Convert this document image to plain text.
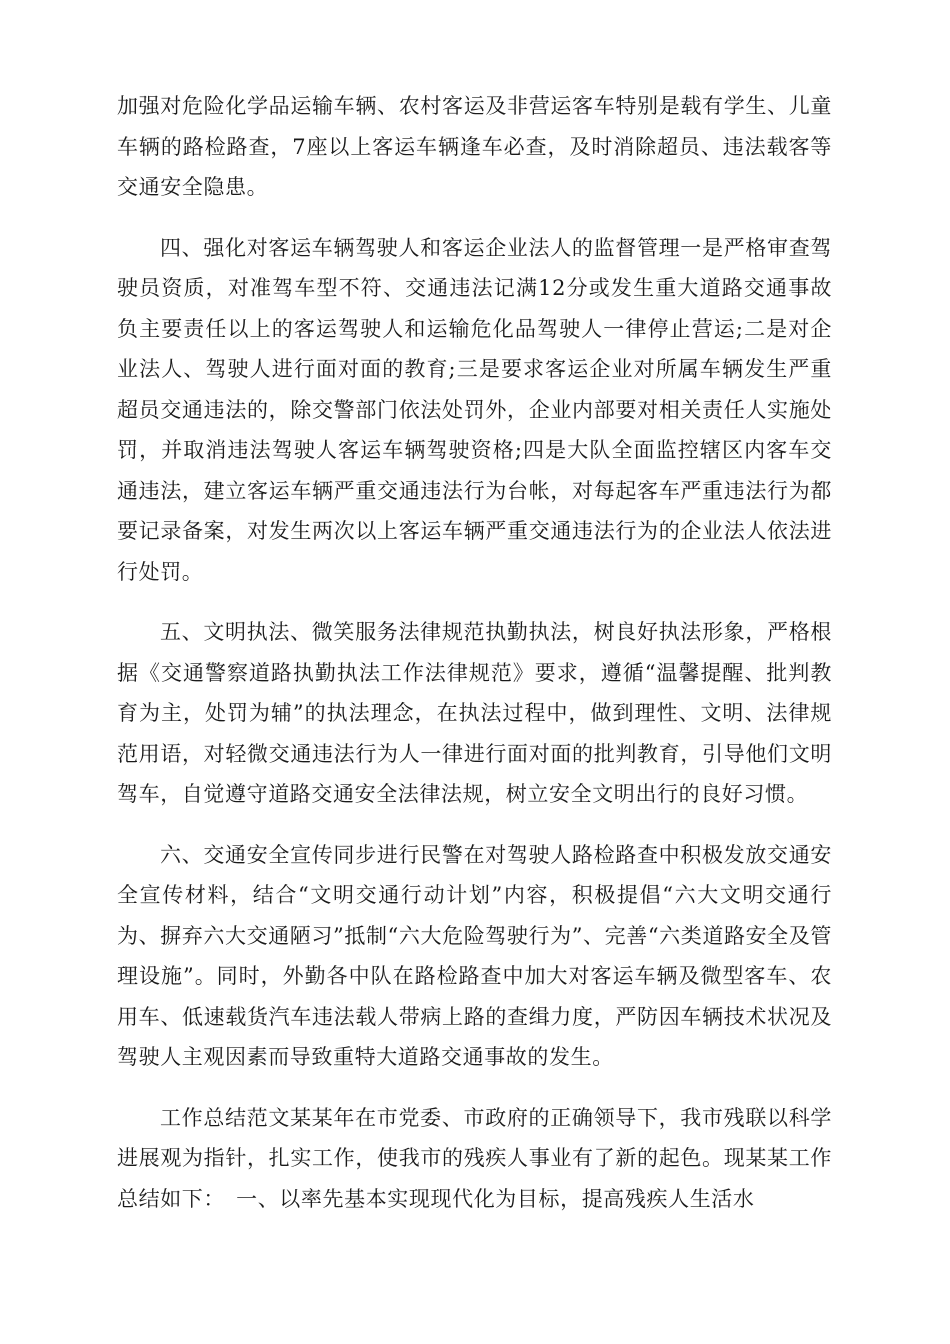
加强对危险化学品运输车辆、农村客运及非营运客车特别是载有学生、儿童车辆的路检路查，7座以上客运车辆逢车必查，及时消除超员、违法载客等交通安全隐患。

四、强化对客运车辆驾驶人和客运企业法人的监督管理一是严格审查驾驶员资质，对准驾车型不符、交通违法记满12分或发生重大道路交通事故负主要责任以上的客运驾驶人和运输危化品驾驶人一律停止营运;二是对企业法人、驾驶人进行面对面的教育;三是要求客运企业对所属车辆发生严重超员交通违法的，除交警部门依法处罚外，企业内部要对相关责任人实施处罚，并取消违法驾驶人客运车辆驾驶资格;四是大队全面监控辖区内客车交通违法，建立客运车辆严重交通违法行为台帐，对每起客车严重违法行为都要记录备案，对发生两次以上客运车辆严重交通违法行为的企业法人依法进行处罚。

五、文明执法、微笑服务法律规范执勤执法，树良好执法形象，严格根据《交通警察道路执勤执法工作法律规范》要求，遵循“温馨提醒、批判教育为主，处罚为辅”的执法理念，在执法过程中，做到理性、文明、法律规范用语，对轻微交通违法行为人一律进行面对面的批判教育，引导他们文明驾车，自觉遵守道路交通安全法律法规，树立安全文明出行的良好习惯。

六、交通安全宣传同步进行民警在对驾驶人路检路查中积极发放交通安全宣传材料，结合“文明交通行动计划”内容，积极提倡“六大文明交通行为、摒弃六大交通陋习”抵制“六大危险驾驶行为”、完善“六类道路安全及管理设施”。同时，外勤各中队在路检路查中加大对客运车辆及微型客车、农用车、低速载货汽车违法载人带病上路的查缉力度，严防因车辆技术状况及驾驶人主观因素而导致重特大道路交通事故的发生。

工作总结范文某某年在市党委、市政府的正确领导下，我市残联以科学进展观为指针，扎实工作，使我市的残疾人事业有了新的起色。现某某工作总结如下：　一、以率先基本实现现代化为目标，提高残疾人生活水
